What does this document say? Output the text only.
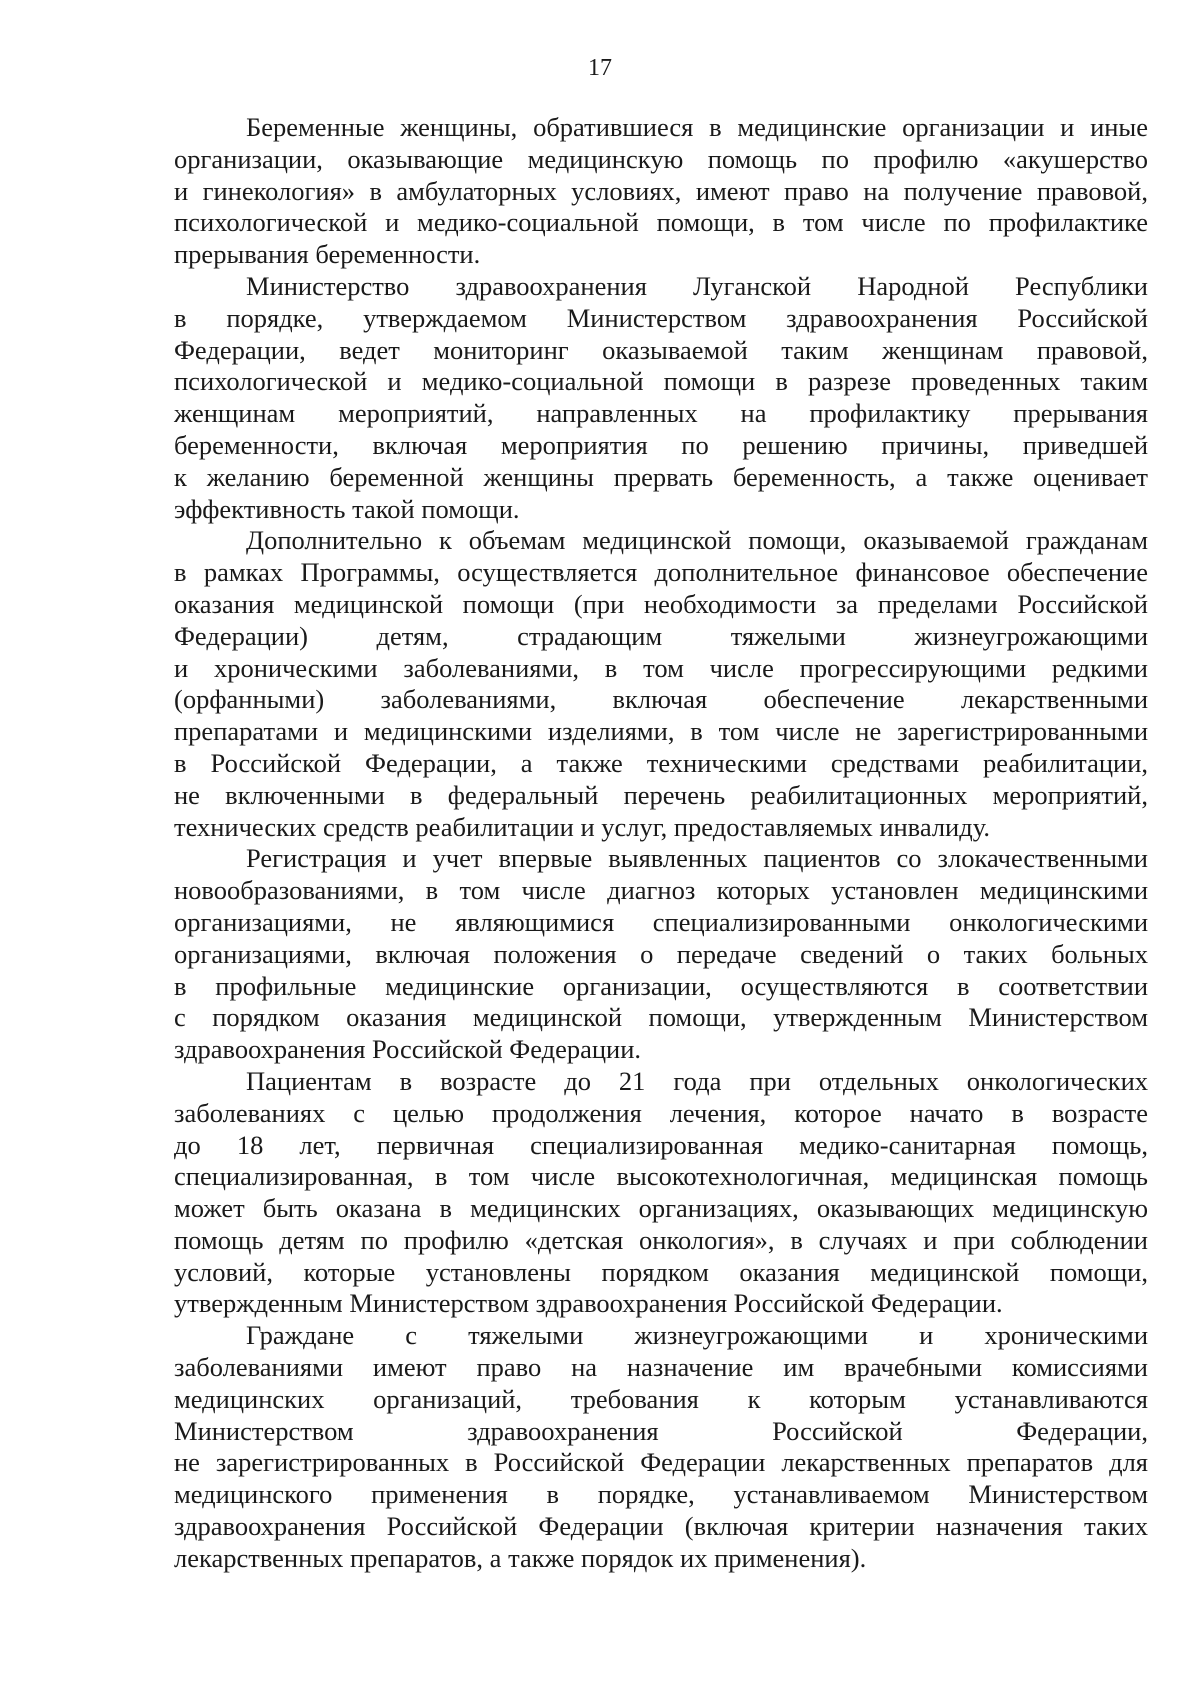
17
Беременные женщины, обратившиеся в медицинские организации и иные
организации, оказывающие медицинскую помощь по профилю «акушерство
и гинекология» в амбулаторных условиях, имеют право на получение правовой,
психологической и медико-социальной помощи, в том числе по профилактике
прерывания беременности.
Министерство здравоохранения Луганской Народной Республики
в порядке, утверждаемом Министерством здравоохранения Российской
Федерации, ведет мониторинг оказываемой таким женщинам правовой,
психологической и медико-социальной помощи в разрезе проведенных таким
женщинам мероприятий, направленных на профилактику прерывания
беременности, включая мероприятия по решению причины, приведшей
к желанию беременной женщины прервать беременность, а также оценивает
эффективность такой помощи.
Дополнительно к объемам медицинской помощи, оказываемой гражданам
в рамках Программы, осуществляется дополнительное финансовое обеспечение
оказания медицинской помощи (при необходимости за пределами Российской
Федерации) детям, страдающим тяжелыми жизнеугрожающими
и хроническими заболеваниями, в том числе прогрессирующими редкими
(орфанными) заболеваниями, включая обеспечение лекарственными
препаратами и медицинскими изделиями, в том числе не зарегистрированными
в Российской Федерации, а также техническими средствами реабилитации,
не включенными в федеральный перечень реабилитационных мероприятий,
технических средств реабилитации и услуг, предоставляемых инвалиду.
Регистрация и учет впервые выявленных пациентов со злокачественными
новообразованиями, в том числе диагноз которых установлен медицинскими
организациями, не являющимися специализированными онкологическими
организациями, включая положения о передаче сведений о таких больных
в профильные медицинские организации, осуществляются в соответствии
с порядком оказания медицинской помощи, утвержденным Министерством
здравоохранения Российской Федерации.
Пациентам в возрасте до 21 года при отдельных онкологических
заболеваниях с целью продолжения лечения, которое начато в возрасте
до 18 лет, первичная специализированная медико-санитарная помощь,
специализированная, в том числе высокотехнологичная, медицинская помощь
может быть оказана в медицинских организациях, оказывающих медицинскую
помощь детям по профилю «детская онкология», в случаях и при соблюдении
условий, которые установлены порядком оказания медицинской помощи,
утвержденным Министерством здравоохранения Российской Федерации.
Граждане с тяжелыми жизнеугрожающими и хроническими
заболеваниями имеют право на назначение им врачебными комиссиями
медицинских организаций, требования к которым устанавливаются
Министерством здравоохранения Российской Федерации,
не зарегистрированных в Российской Федерации лекарственных препаратов для
медицинского применения в порядке, устанавливаемом Министерством
здравоохранения Российской Федерации (включая критерии назначения таких
лекарственных препаратов, а также порядок их применения).
